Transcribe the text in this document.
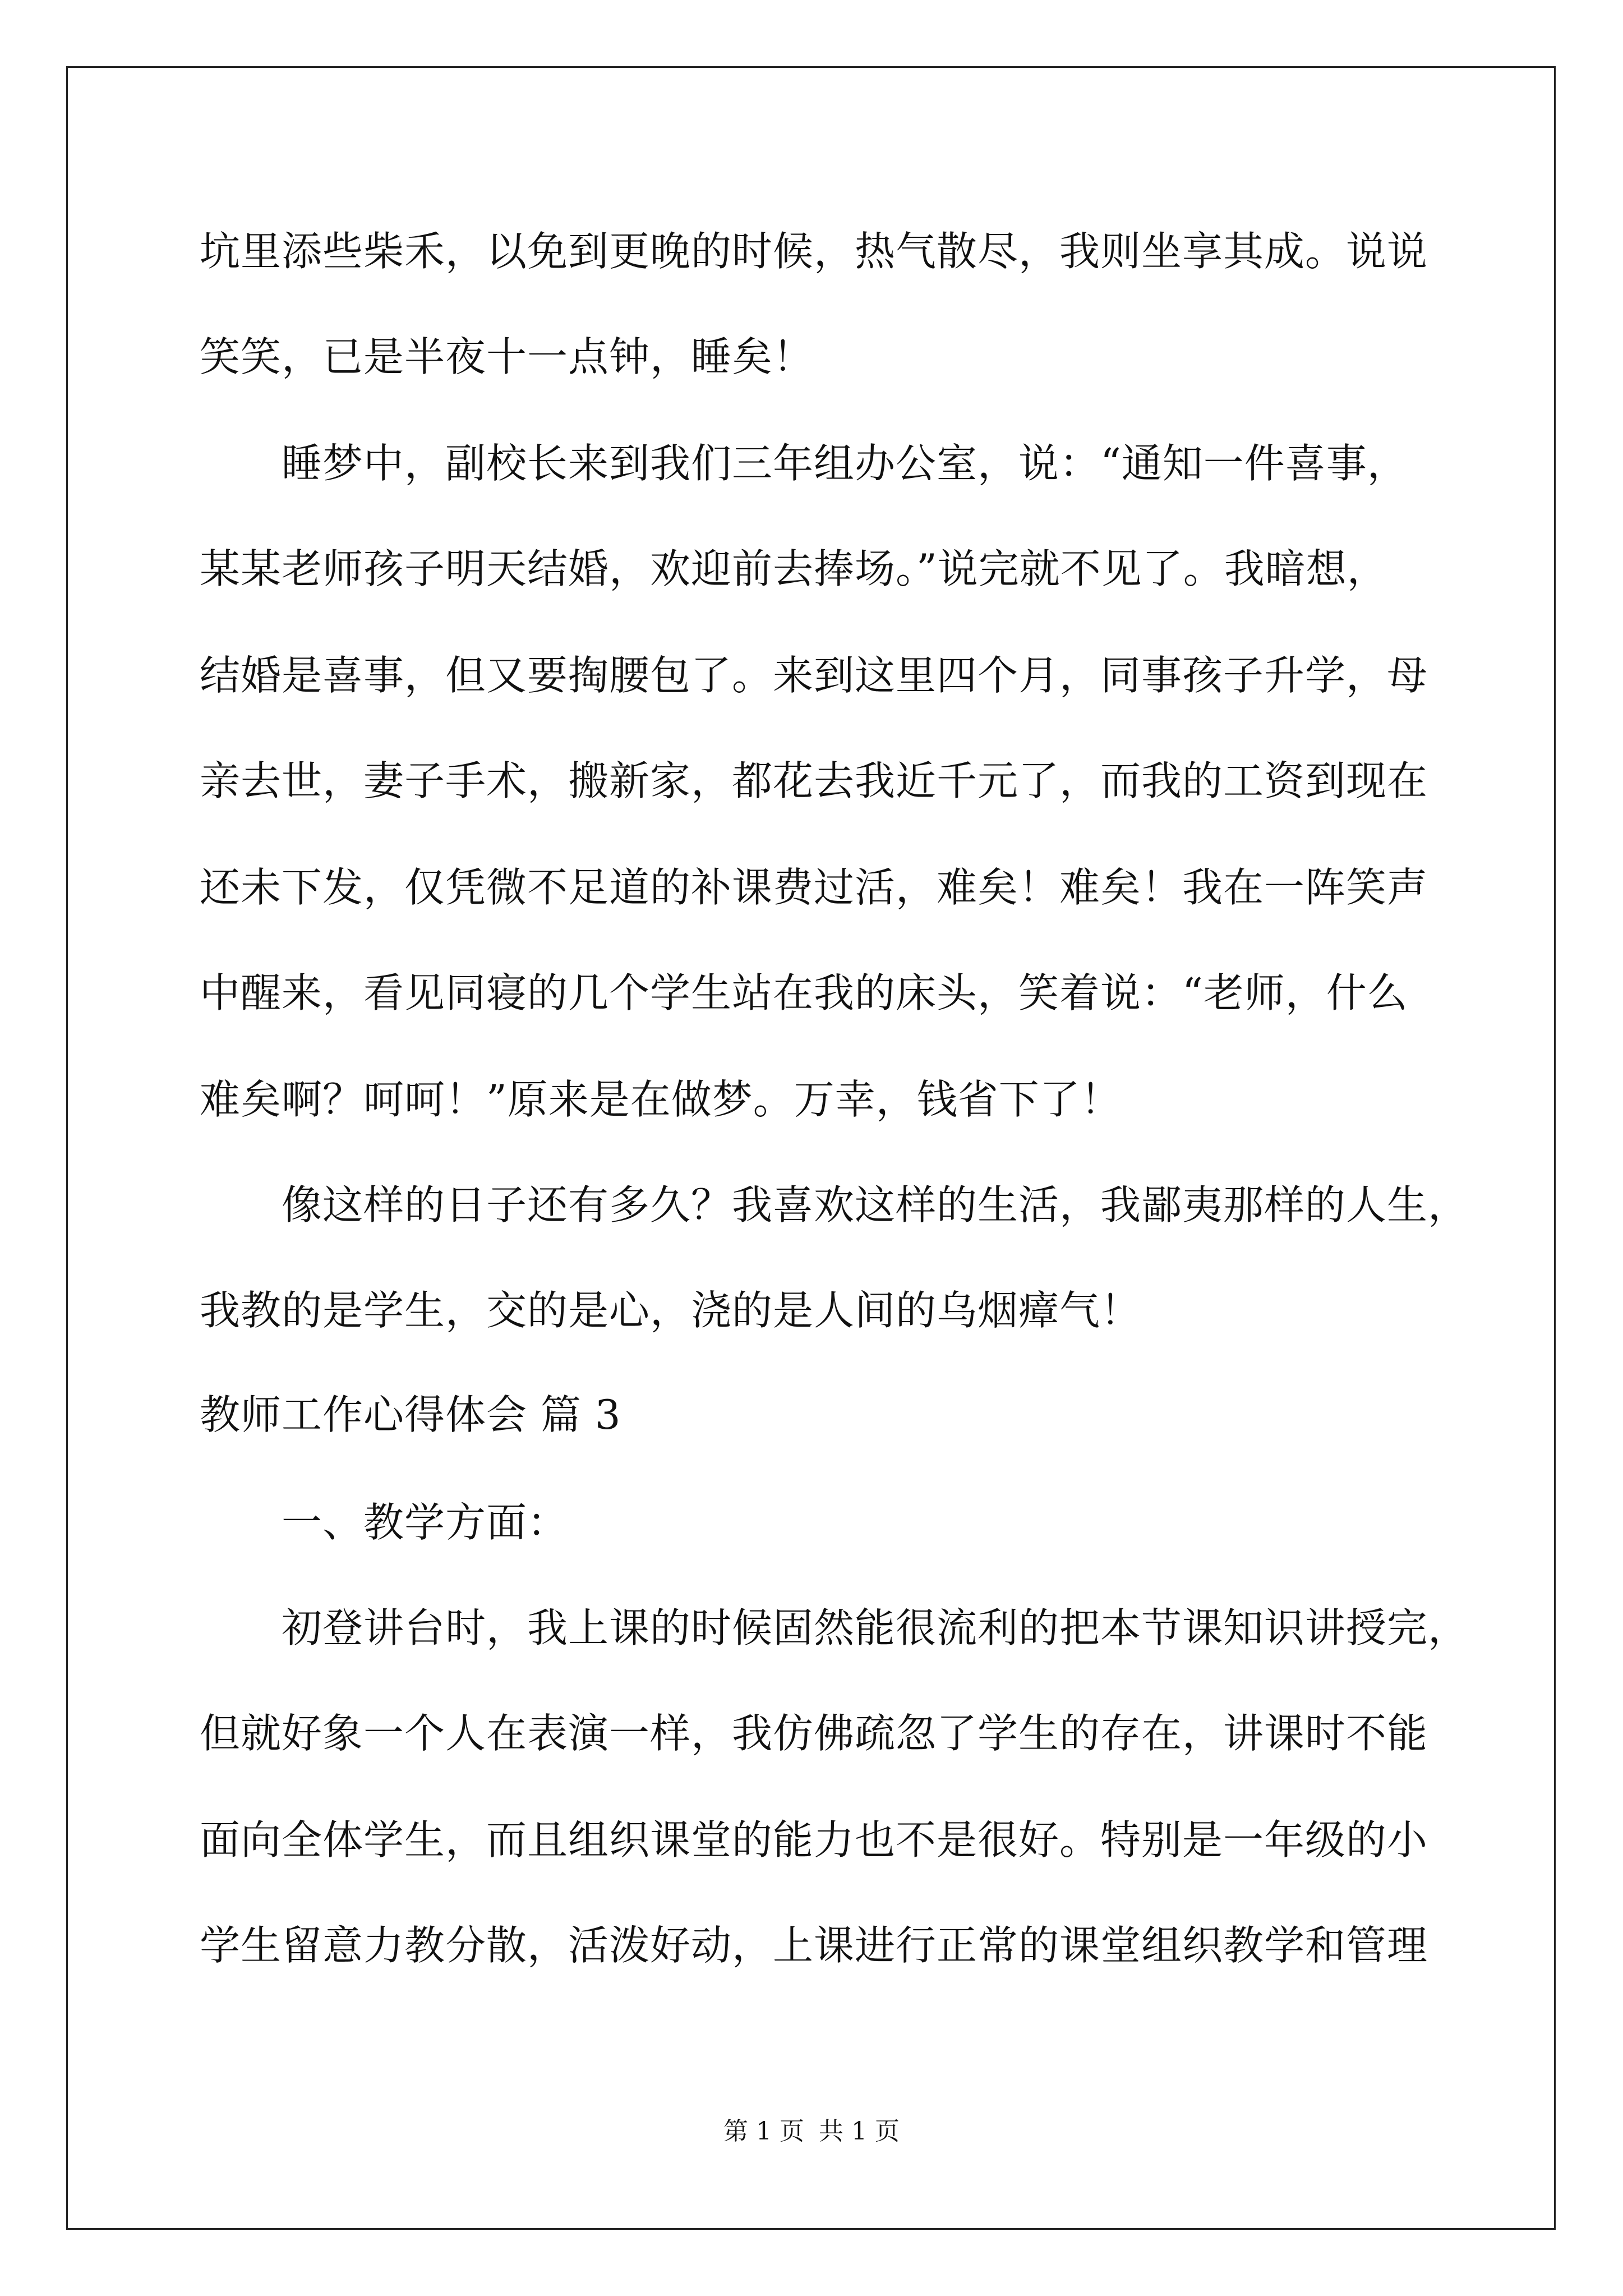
坑里添些柴禾，以免到更晚的时候，热气散尽，我则坐享其成。说说
笑笑，已是半夜十一点钟，睡矣！
睡梦中，副校长来到我们三年组办公室，说：“通知一件喜事，
某某老师孩子明天结婚，欢迎前去捧场。”说完就不见了。我暗想，
结婚是喜事，但又要掏腰包了。来到这里四个月，同事孩子升学，母
亲去世，妻子手术，搬新家，都花去我近千元了，而我的工资到现在
还未下发，仅凭微不足道的补课费过活，难矣！难矣！我在一阵笑声
中醒来，看见同寝的几个学生站在我的床头，笑着说：“老师，什么
难矣啊？呵呵！”原来是在做梦。万幸，钱省下了！
像这样的日子还有多久？我喜欢这样的生活，我鄙夷那样的人生，
我教的是学生，交的是心，浇的是人间的乌烟瘴气！
教师工作心得体会 篇 3
一、教学方面：
初登讲台时，我上课的时候固然能很流利的把本节课知识讲授完，
但就好象一个人在表演一样，我仿佛疏忽了学生的存在，讲课时不能
面向全体学生，而且组织课堂的能力也不是很好。特别是一年级的小
学生留意力教分散，活泼好动，上课进行正常的课堂组织教学和管理
第 1 页 共 1 页
